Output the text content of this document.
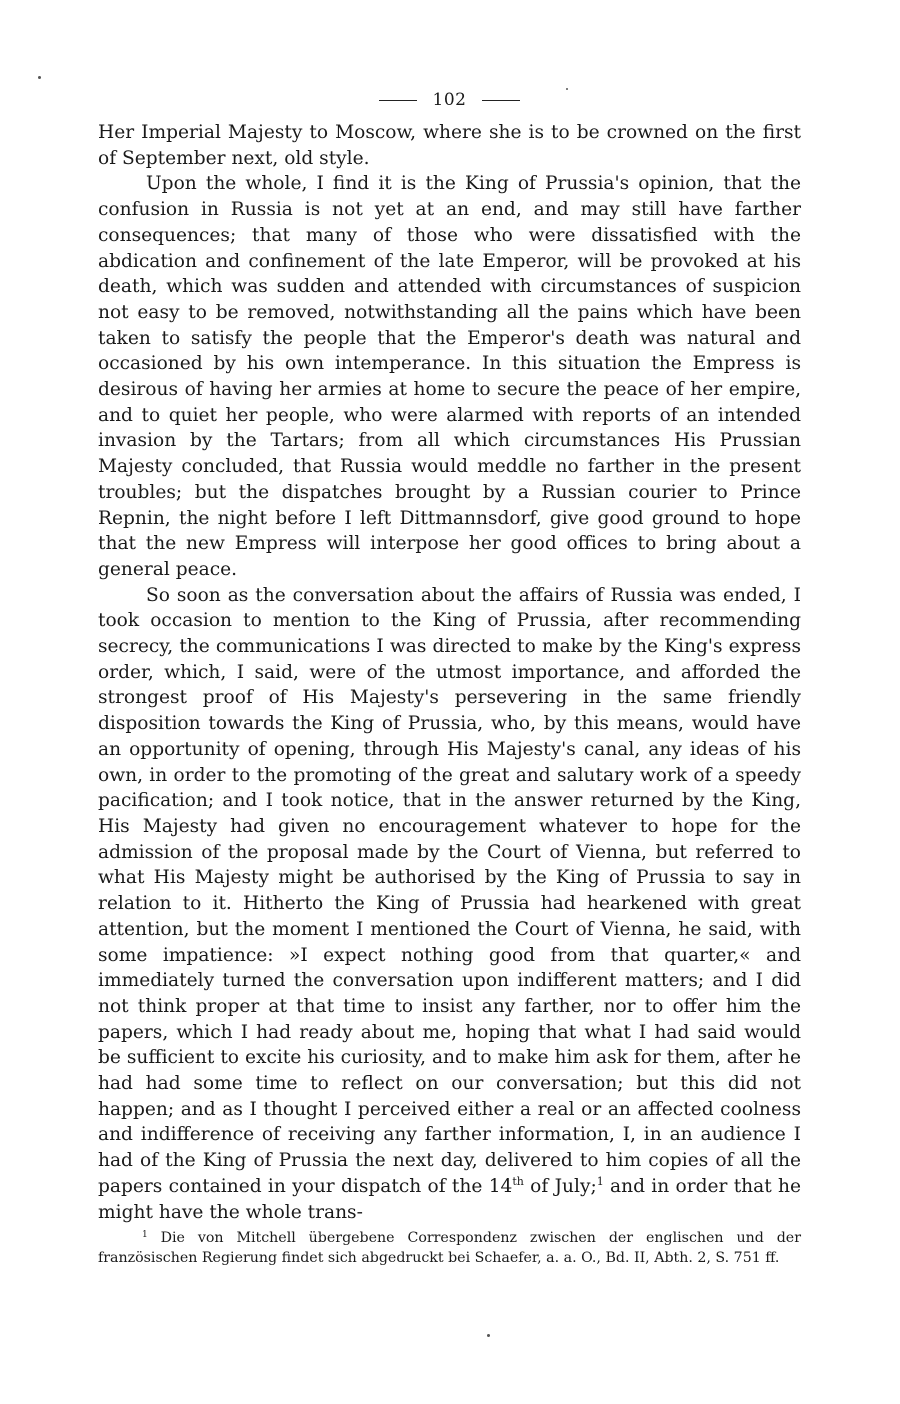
102

Her Imperial Majesty to Moscow, where she is to be crowned on the first of September next, old style.

Upon the whole, I find it is the King of Prussia's opinion, that the confusion in Russia is not yet at an end, and may still have farther consequences; that many of those who were dissatisfied with the abdication and confinement of the late Emperor, will be provoked at his death, which was sudden and attended with circumstances of suspicion not easy to be removed, notwithstanding all the pains which have been taken to satisfy the people that the Emperor's death was natural and occasioned by his own intemperance. In this situation the Empress is desirous of having her armies at home to secure the peace of her empire, and to quiet her people, who were alarmed with reports of an intended invasion by the Tartars; from all which circumstances His Prussian Majesty concluded, that Russia would meddle no farther in the present troubles; but the dispatches brought by a Russian courier to Prince Repnin, the night before I left Dittmannsdorf, give good ground to hope that the new Empress will interpose her good offices to bring about a general peace.

So soon as the conversation about the affairs of Russia was ended, I took occasion to mention to the King of Prussia, after recommending secrecy, the communications I was directed to make by the King's express order, which, I said, were of the utmost importance, and afforded the strongest proof of His Majesty's persevering in the same friendly disposition towards the King of Prussia, who, by this means, would have an opportunity of opening, through His Majesty's canal, any ideas of his own, in order to the promoting of the great and salutary work of a speedy pacification; and I took notice, that in the answer returned by the King, His Majesty had given no encouragement whatever to hope for the admission of the proposal made by the Court of Vienna, but referred to what His Majesty might be authorised by the King of Prussia to say in relation to it. Hitherto the King of Prussia had hearkened with great attention, but the moment I mentioned the Court of Vienna, he said, with some impatience: »I expect nothing good from that quarter,« and immediately turned the conversation upon indifferent matters; and I did not think proper at that time to insist any farther, nor to offer him the papers, which I had ready about me, hoping that what I had said would be sufficient to excite his curiosity, and to make him ask for them, after he had had some time to reflect on our conversation; but this did not happen; and as I thought I perceived either a real or an affected coolness and indifference of receiving any farther information, I, in an audience I had of the King of Prussia the next day, delivered to him copies of all the papers contained in your dispatch of the 14th of July;$^1$ and in order that he might have the whole trans-

$^1$ Die von Mitchell übergebene Correspondenz zwischen der englischen und der französischen Regierung findet sich abgedruckt bei Schaefer, a. a. O., Bd. II, Abth. 2, S. 751 ff.
